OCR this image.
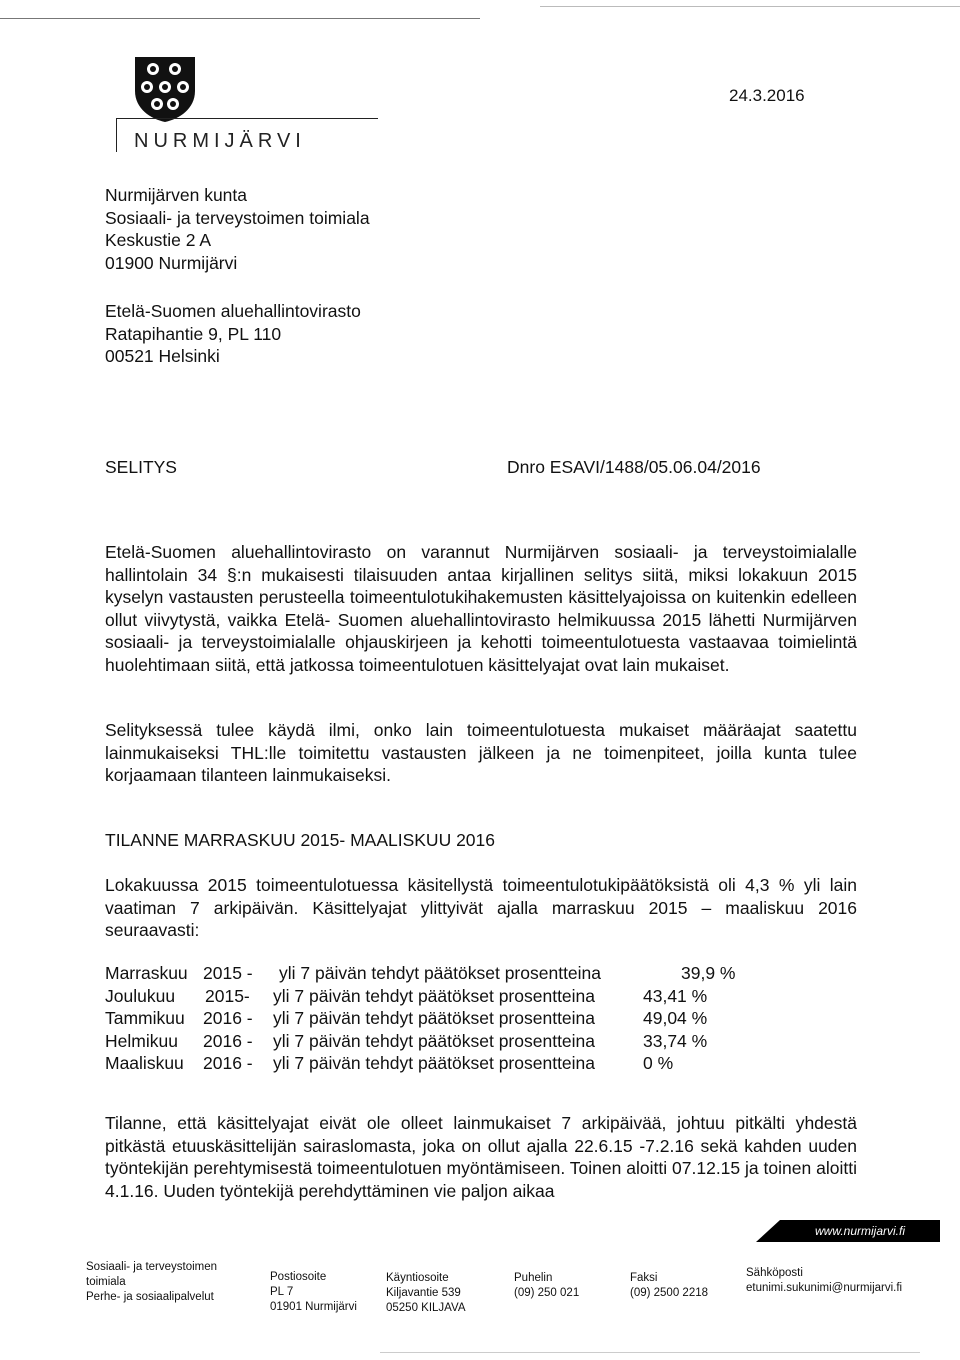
NURMIJÄRVI
24.3.2016
Nurmijärven kunta
Sosiaali- ja terveystoimen toimiala
Keskustie 2 A
01900 Nurmijärvi
Etelä-Suomen aluehallintovirasto
Ratapihantie 9, PL 110
00521 Helsinki
SELITYS	Dnro ESAVI/1488/05.06.04/2016
Etelä-Suomen aluehallintovirasto on varannut Nurmijärven sosiaali- ja terveystoimialalle hallintolain 34 §:n mukaisesti tilaisuuden antaa kirjallinen selitys siitä, miksi lokakuun 2015 kyselyn vastausten perusteella toimeentulotukihakemusten käsittelyajoissa on kuitenkin edelleen ollut viivytystä, vaikka Etelä- Suomen aluehallintovirasto helmikuussa 2015 lähetti Nurmijärven sosiaali- ja terveystoimialalle ohjauskirjeen ja kehotti toimeentulotuesta vastaavaa toimielintä huolehtimaan siitä, että jatkossa toimeentulotuen käsittelyajat ovat lain mukaiset.
Selityksessä tulee käydä ilmi, onko lain toimeentulotuesta mukaiset määräajat saatettu lainmukaiseksi THL:lle toimitettu vastausten jälkeen ja ne toimenpiteet, joilla kunta tulee korjaamaan tilanteen lainmukaiseksi.
TILANNE MARRASKUU 2015- MAALISKUU 2016
Lokakuussa 2015 toimeentulotuessa käsitellystä toimeentulotukipäätöksistä oli 4,3 % yli lain vaatiman 7 arkipäivän. Käsittelyajat ylittyivät ajalla marraskuu 2015 – maaliskuu 2016 seuraavasti:
Marraskuu 2015 - yli 7 päivän tehdyt päätökset prosentteina	39,9 %
Joulukuu 2015- yli 7 päivän tehdyt päätökset prosentteina	43,41 %
Tammikuu 2016 - yli 7 päivän tehdyt päätökset prosentteina	49,04 %
Helmikuu 2016 - yli 7 päivän tehdyt päätökset prosentteina	33,74 %
Maaliskuu 2016 - yli 7 päivän tehdyt päätökset prosentteina	0 %
Tilanne, että käsittelyajat eivät ole olleet lainmukaiset 7 arkipäivää, johtuu pitkälti yhdestä pitkästä etuuskäsittelijän sairaslomasta, joka on ollut ajalla 22.6.15 -7.2.16 sekä kahden uuden työntekijän perehtymisestä toimeentulotuen myöntämiseen. Toinen aloitti 07.12.15 ja toinen aloitti 4.1.16. Uuden työntekijä perehdyttäminen vie paljon aikaa
www.nurmijarvi.fi
Sosiaali- ja terveystoimen
toimiala
Perhe- ja sosiaalipalvelut
Postiosoite
PL 7
01901 Nurmijärvi
Käyntiosoite
Kiljavantie 539
05250 KILJAVA
Puhelin
(09) 250 021
Faksi
(09) 2500 2218
Sähköposti
etunimi.sukunimi@nurmijarvi.fi
